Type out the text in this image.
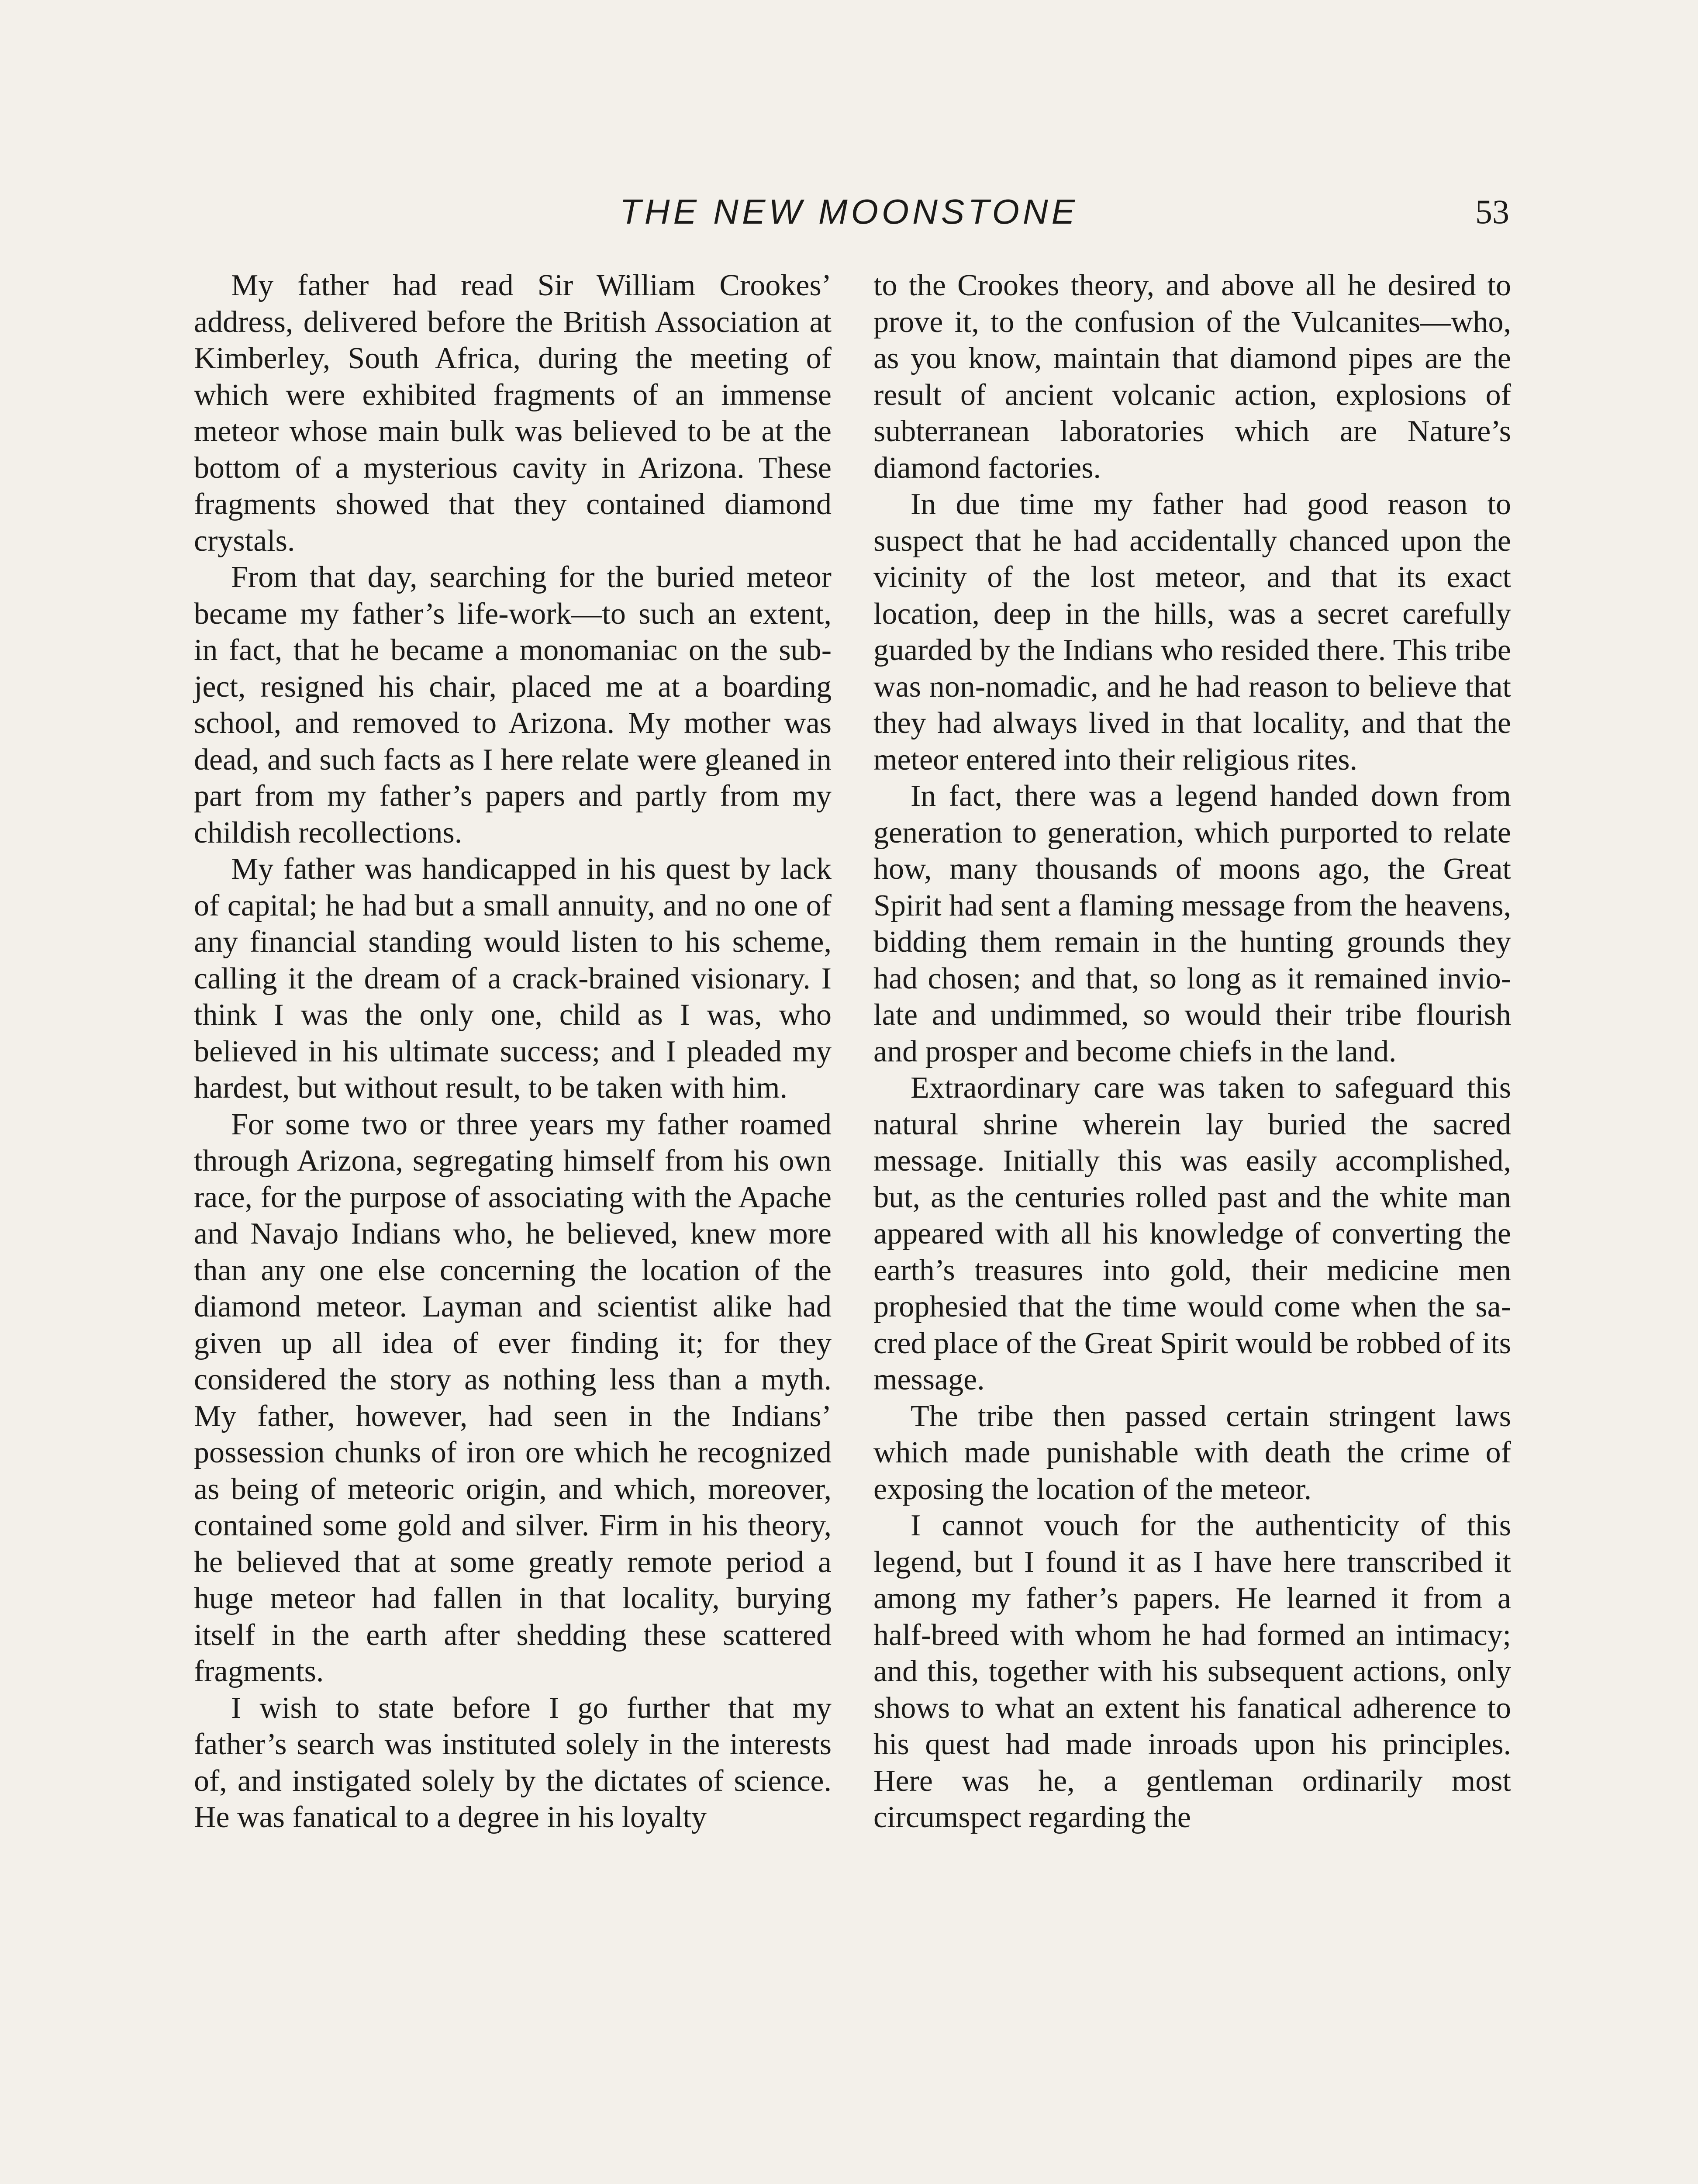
THE NEW MOONSTONE	53

My father had read Sir William Crookes’ address, delivered before the British Association at Kimberley, South Africa, during the meeting of which were exhibited fragments of an immense meteor whose main bulk was believed to be at the bottom of a mysterious cavity in Arizona. These fragments showed that they contained diamond crystals.

From that day, searching for the buried meteor became my father’s life-work—to such an extent, in fact, that he became a monomaniac on the subject, resigned his chair, placed me at a boarding school, and removed to Arizona. My mother was dead, and such facts as I here relate were gleaned in part from my father’s papers and partly from my childish recollections.

My father was handicapped in his quest by lack of capital; he had but a small annuity, and no one of any financial standing would listen to his scheme, calling it the dream of a crack-brained visionary. I think I was the only one, child as I was, who believed in his ultimate success; and I pleaded my hardest, but without result, to be taken with him.

For some two or three years my father roamed through Arizona, segregating himself from his own race, for the purpose of associating with the Apache and Navajo Indians who, he believed, knew more than any one else concerning the location of the diamond meteor. Layman and scientist alike had given up all idea of ever finding it; for they considered the story as nothing less than a myth. My father, however, had seen in the Indians’ possession chunks of iron ore which he recognized as being of meteoric origin, and which, moreover, contained some gold and silver. Firm in his theory, he believed that at some greatly remote period a huge meteor had fallen in that locality, burying itself in the earth after shedding these scattered fragments.

I wish to state before I go further that my father’s search was instituted solely in the interests of, and instigated solely by the dictates of science. He was fanatical to a degree in his loyalty

to the Crookes theory, and above all he desired to prove it, to the confusion of the Vulcanites—who, as you know, maintain that diamond pipes are the result of ancient volcanic action, explosions of subterranean laboratories which are Nature’s diamond factories.

In due time my father had good reason to suspect that he had accidentally chanced upon the vicinity of the lost meteor, and that its exact location, deep in the hills, was a secret carefully guarded by the Indians who resided there. This tribe was non-nomadic, and he had reason to believe that they had always lived in that locality, and that the meteor entered into their religious rites.

In fact, there was a legend handed down from generation to generation, which purported to relate how, many thousands of moons ago, the Great Spirit had sent a flaming message from the heavens, bidding them remain in the hunting grounds they had chosen; and that, so long as it remained inviolate and undimmed, so would their tribe flourish and prosper and become chiefs in the land.

Extraordinary care was taken to safeguard this natural shrine wherein lay buried the sacred message. Initially this was easily accomplished, but, as the centuries rolled past and the white man appeared with all his knowledge of converting the earth’s treasures into gold, their medicine men prophesied that the time would come when the sacred place of the Great Spirit would be robbed of its message.

The tribe then passed certain stringent laws which made punishable with death the crime of exposing the location of the meteor.

I cannot vouch for the authenticity of this legend, but I found it as I have here transcribed it among my father’s papers. He learned it from a half-breed with whom he had formed an intimacy; and this, together with his subsequent actions, only shows to what an extent his fanatical adherence to his quest had made inroads upon his principles. Here was he, a gentleman ordinarily most circumspect regarding the
